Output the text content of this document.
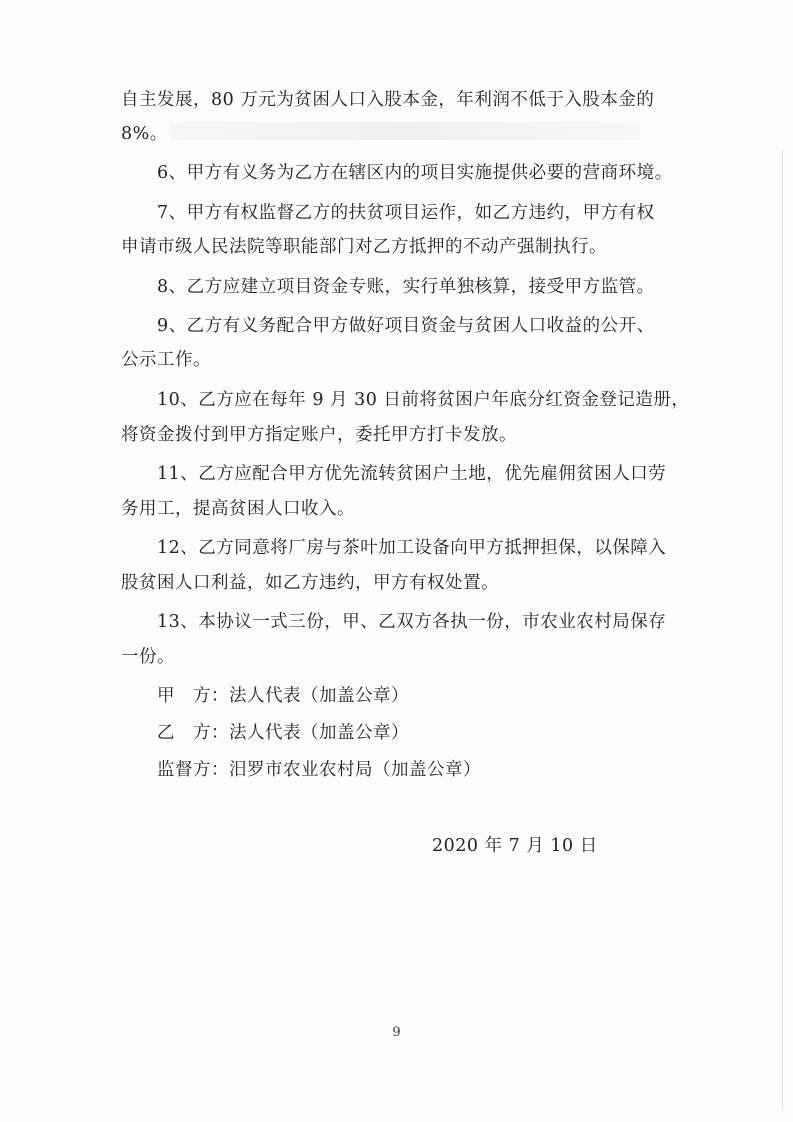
自主发展，80 万元为贫困人口入股本金，年利润不低于入股本金的
8%。
6、甲方有义务为乙方在辖区内的项目实施提供必要的营商环境。
7、甲方有权监督乙方的扶贫项目运作，如乙方违约，甲方有权
申请市级人民法院等职能部门对乙方抵押的不动产强制执行。
8、乙方应建立项目资金专账，实行单独核算，接受甲方监管。
9、乙方有义务配合甲方做好项目资金与贫困人口收益的公开、
公示工作。
10、乙方应在每年 9 月 30 日前将贫困户年底分红资金登记造册，
将资金拨付到甲方指定账户，委托甲方打卡发放。
11、乙方应配合甲方优先流转贫困户土地，优先雇佣贫困人口劳
务用工，提高贫困人口收入。
12、乙方同意将厂房与茶叶加工设备向甲方抵押担保，以保障入
股贫困人口利益，如乙方违约，甲方有权处置。
13、本协议一式三份，甲、乙双方各执一份，市农业农村局保存
一份。
甲　方：法人代表（加盖公章）
乙　方：法人代表（加盖公章）
监督方：汨罗市农业农村局（加盖公章）
2020 年 7 月 10 日
9
